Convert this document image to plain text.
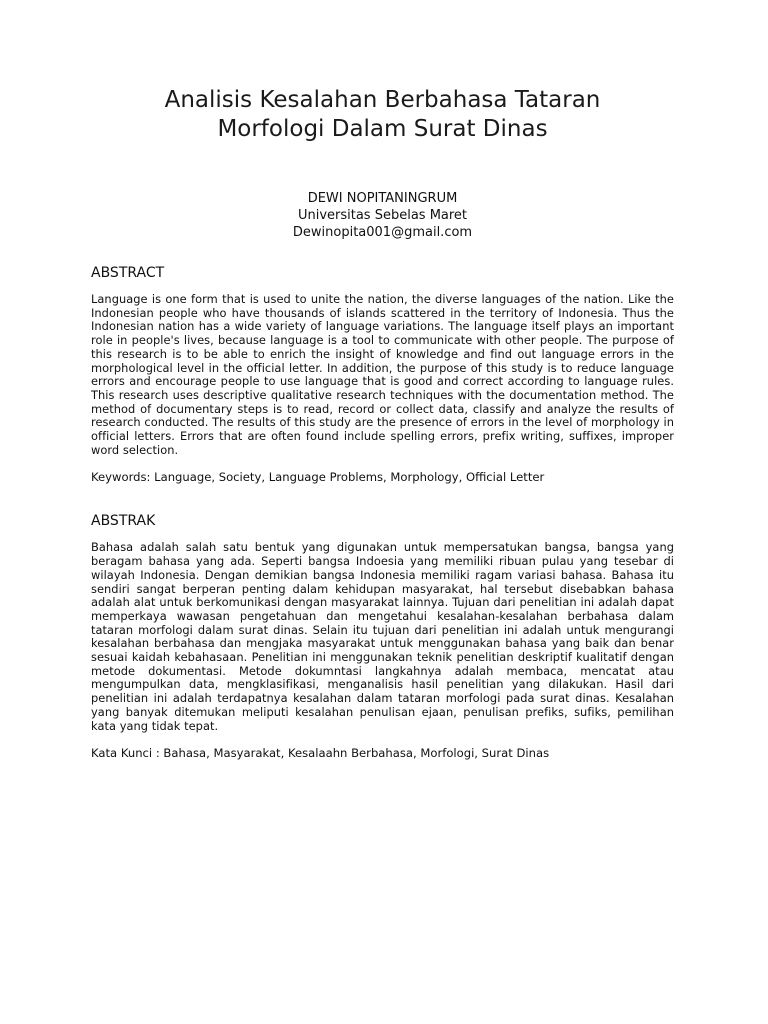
Analisis Kesalahan Berbahasa Tataran
Morfologi Dalam Surat Dinas
DEWI NOPITANINGRUM
Universitas Sebelas Maret
Dewinopita001@gmail.com
ABSTRACT

Language is one form that is used to unite the nation, the diverse languages of the nation. Like the Indonesian people who have thousands of islands scattered in the territory of Indonesia. Thus the Indonesian nation has a wide variety of language variations. The language itself plays an important role in people's lives, because language is a tool to communicate with other people. The purpose of this research is to be able to enrich the insight of knowledge and find out language errors in the morphological level in the official letter. In addition, the purpose of this study is to reduce language errors and encourage people to use language that is good and correct according to language rules. This research uses descriptive qualitative research techniques with the documentation method. The method of documentary steps is to read, record or collect data, classify and analyze the results of research conducted. The results of this study are the presence of errors in the level of morphology in official letters. Errors that are often found include spelling errors, prefix writing, suffixes, improper word selection.

Keywords: Language, Society, Language Problems, Morphology, Official Letter

ABSTRAK

Bahasa adalah salah satu bentuk yang digunakan untuk mempersatukan bangsa, bangsa yang beragam bahasa yang ada. Seperti bangsa Indoesia yang memiliki ribuan pulau yang tesebar di wilayah Indonesia. Dengan demikian bangsa Indonesia memiliki ragam variasi bahasa. Bahasa itu sendiri sangat berperan penting dalam kehidupan masyarakat, hal tersebut disebabkan bahasa adalah alat untuk berkomunikasi dengan masyarakat lainnya. Tujuan dari penelitian ini adalah dapat memperkaya wawasan pengetahuan dan mengetahui kesalahan-kesalahan berbahasa dalam tataran morfologi dalam surat dinas. Selain itu tujuan dari penelitian ini adalah untuk mengurangi kesalahan berbahasa dan mengjaka masyarakat untuk menggunakan bahasa yang baik dan benar sesuai kaidah kebahasaan. Penelitian ini menggunakan teknik penelitian deskriptif kualitatif dengan metode dokumentasi. Metode dokumntasi langkahnya adalah membaca, mencatat atau mengumpulkan data, mengklasifikasi, menganalisis hasil penelitian yang dilakukan. Hasil dari penelitian ini adalah terdapatnya kesalahan dalam tataran morfologi pada surat dinas. Kesalahan yang banyak ditemukan meliputi kesalahan penulisan ejaan, penulisan prefiks, sufiks, pemilihan kata yang tidak tepat.

Kata Kunci : Bahasa, Masyarakat, Kesalaahn Berbahasa, Morfologi, Surat Dinas
